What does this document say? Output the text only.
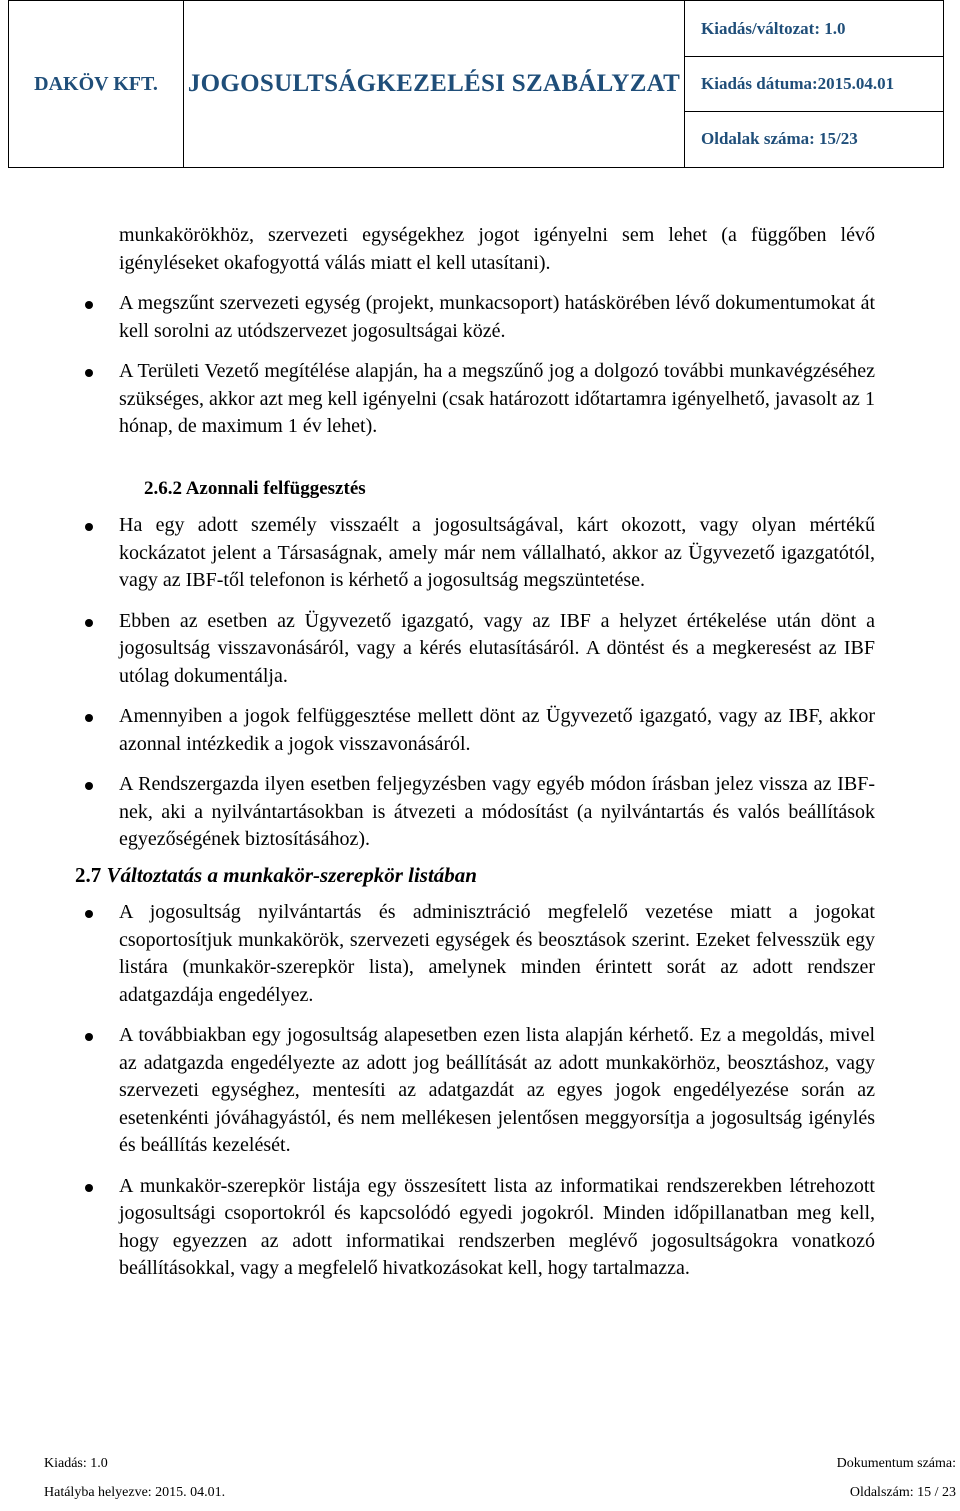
DAKÖV KFT.	JOGOSULTSÁGKEZELÉSI SZABÁLYZAT
Kiadás/változat: 1.0
Kiadás dátuma:2015.04.01
Oldalak száma: 15/23

munkakörökhöz, szervezeti egységekhez jogot igényelni sem lehet (a függőben lévő igényléseket okafogyottá válás miatt el kell utasítani).

A megszűnt szervezeti egység (projekt, munkacsoport) hatáskörében lévő dokumentumokat át kell sorolni az utódszervezet jogosultságai közé.

A Területi Vezető megítélése alapján, ha a megszűnő jog a dolgozó további munkavégzéséhez szükséges, akkor azt meg kell igényelni (csak határozott időtartamra igényelhető, javasolt az 1 hónap, de maximum 1 év lehet).

2.6.2 Azonnali felfüggesztés

Ha egy adott személy visszaélt a jogosultságával, kárt okozott, vagy olyan mértékű kockázatot jelent a Társaságnak, amely már nem vállalható, akkor az Ügyvezető igazgatótól, vagy az IBF-től telefonon is kérhető a jogosultság megszüntetése.

Ebben az esetben az Ügyvezető igazgató, vagy az IBF a helyzet értékelése után dönt a jogosultság visszavonásáról, vagy a kérés elutasításáról. A döntést és a megkeresést az IBF utólag dokumentálja.

Amennyiben a jogok felfüggesztése mellett dönt az Ügyvezető igazgató, vagy az IBF, akkor azonnal intézkedik a jogok visszavonásáról.

A Rendszergazda ilyen esetben feljegyzésben vagy egyéb módon írásban jelez vissza az IBF-nek, aki a nyilvántartásokban is átvezeti a módosítást (a nyilvántartás és valós beállítások egyezőségének biztosításához).

2.7 Változtatás a munkakör-szerepkör listában

A jogosultság nyilvántartás és adminisztráció megfelelő vezetése miatt a jogokat csoportosítjuk munkakörök, szervezeti egységek és beosztások szerint. Ezeket felvesszük egy listára (munkakör-szerepkör lista), amelynek minden érintett sorát az adott rendszer adatgazdája engedélyez.

A továbbiakban egy jogosultság alapesetben ezen lista alapján kérhető. Ez a megoldás, mivel az adatgazda engedélyezte az adott jog beállítását az adott munkakörhöz, beosztáshoz, vagy szervezeti egységhez, mentesíti az adatgazdát az egyes jogok engedélyezése során az esetenkénti jóváhagyástól, és nem mellékesen jelentősen meggyorsítja a jogosultság igénylés és beállítás kezelését.

A munkakör-szerepkör listája egy összesített lista az informatikai rendszerekben létrehozott jogosultsági csoportokról és kapcsolódó egyedi jogokról. Minden időpillanatban meg kell, hogy egyezzen az adott informatikai rendszerben meglévő jogosultságokra vonatkozó beállításokkal, vagy a megfelelő hivatkozásokat kell, hogy tartalmazza.

Kiadás: 1.0	Dokumentum száma:
Hatályba helyezve: 2015. 04.01.	Oldalszám: 15 / 23
